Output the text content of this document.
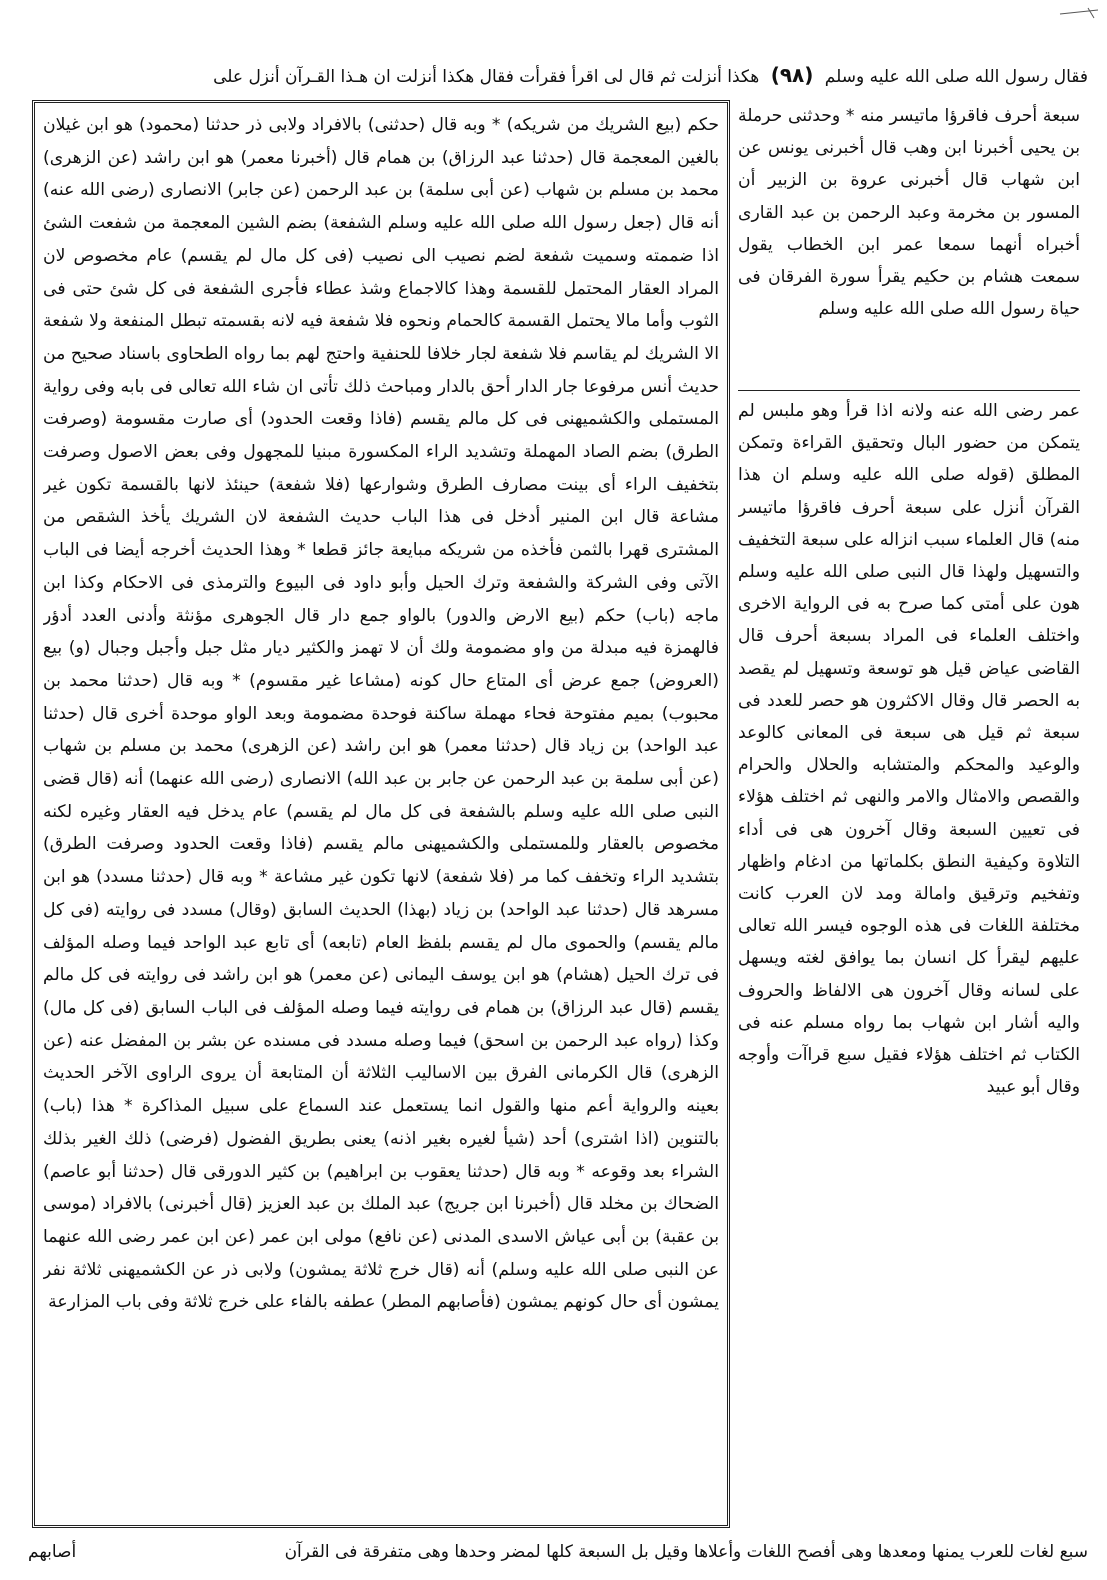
فقال رسول الله صلى الله عليه وسلم (٩٨) هكذا أنزلت ثم قال لى اقرأ فقرأت فقال هكذا أنزلت ان هـذا القـرآن أنزل على
حكم (بيع الشريك من شريكه) * وبه قال (حدثنى) بالافراد ولابى ذر حدثنا (محمود) هو ابن غيلان بالغين المعجمة قال (حدثنا عبد الرزاق) بن همام قال (أخبرنا معمر) هو ابن راشد (عن الزهرى) محمد بن مسلم بن شهاب (عن أبى سلمة) بن عبد الرحمن (عن جابر) الانصارى (رضى الله عنه) أنه قال (جعل رسول الله صلى الله عليه وسلم الشفعة) بضم الشين المعجمة من شفعت الشئ اذا ضممته وسميت شفعة لضم نصيب الى نصيب (فى كل مال لم يقسم) عام مخصوص لان المراد العقار المحتمل للقسمة وهذا كالاجماع وشذ عطاء فأجرى الشفعة فى كل شئ حتى فى الثوب وأما مالا يحتمل القسمة كالحمام ونحوه فلا شفعة فيه لانه بقسمته تبطل المنفعة ولا شفعة الا الشريك لم يقاسم فلا شفعة لجار خلافا للحنفية واحتج لهم بما رواه الطحاوى باسناد صحيح من حديث أنس مرفوعا جار الدار أحق بالدار ومباحث ذلك تأتى ان شاء الله تعالى فى بابه وفى رواية المستملى والكشميهنى فى كل مالم يقسم (فاذا وقعت الحدود) أى صارت مقسومة (وصرفت الطرق) بضم الصاد المهملة وتشديد الراء المكسورة مبنيا للمجهول وفى بعض الاصول وصرفت بتخفيف الراء أى بينت مصارف الطرق وشوارعها (فلا شفعة) حينئذ لانها بالقسمة تكون غير مشاعة قال ابن المنير أدخل فى هذا الباب حديث الشفعة لان الشريك يأخذ الشقص من المشترى قهرا بالثمن فأخذه من شريكه مبايعة جائز قطعا * وهذا الحديث أخرجه أيضا فى الباب الآتى وفى الشركة والشفعة وترك الحيل وأبو داود فى البيوع والترمذى فى الاحكام وكذا ابن ماجه (باب) حكم (بيع الارض والدور) بالواو جمع دار قال الجوهرى مؤنثة وأدنى العدد أدؤر فالهمزة فيه مبدلة من واو مضمومة ولك أن لا تهمز والكثير ديار مثل جبل وأجبل وجبال (و) بيع (العروض) جمع عرض أى المتاع حال كونه (مشاعا غير مقسوم) * وبه قال (حدثنا محمد بن محبوب) بميم مفتوحة فحاء مهملة ساكنة فوحدة مضمومة وبعد الواو موحدة أخرى قال (حدثنا عبد الواحد) بن زياد قال (حدثنا معمر) هو ابن راشد (عن الزهرى) محمد بن مسلم بن شهاب (عن أبى سلمة بن عبد الرحمن عن جابر بن عبد الله) الانصارى (رضى الله عنهما) أنه (قال قضى النبى صلى الله عليه وسلم بالشفعة فى كل مال لم يقسم) عام يدخل فيه العقار وغيره لكنه مخصوص بالعقار وللمستملى والكشميهنى مالم يقسم (فاذا وقعت الحدود وصرفت الطرق) بتشديد الراء وتخفف كما مر (فلا شفعة) لانها تكون غير مشاعة * وبه قال (حدثنا مسدد) هو ابن مسرهد قال (حدثنا عبد الواحد) بن زياد (بهذا) الحديث السابق (وقال) مسدد فى روايته (فى كل مالم يقسم) والحموى مال لم يقسم بلفظ العام (تابعه) أى تابع عبد الواحد فيما وصله المؤلف فى ترك الحيل (هشام) هو ابن يوسف اليمانى (عن معمر) هو ابن راشد فى روايته فى كل مالم يقسم (قال عبد الرزاق) بن همام فى روايته فيما وصله المؤلف فى الباب السابق (فى كل مال) وكذا (رواه عبد الرحمن بن اسحق) فيما وصله مسدد فى مسنده عن بشر بن المفضل عنه (عن الزهرى) قال الكرمانى الفرق بين الاساليب الثلاثة أن المتابعة أن يروى الراوى الآخر الحديث بعينه والرواية أعم منها والقول انما يستعمل عند السماع على سبيل المذاكرة * هذا (باب) بالتنوين (اذا اشترى) أحد (شيأ لغيره بغير اذنه) يعنى بطريق الفضول (فرضى) ذلك الغير بذلك الشراء بعد وقوعه * وبه قال (حدثنا يعقوب بن ابراهيم) بن كثير الدورقى قال (حدثنا أبو عاصم) الضحاك بن مخلد قال (أخبرنا ابن جريج) عبد الملك بن عبد العزيز (قال أخبرنى) بالافراد (موسى بن عقبة) بن أبى عياش الاسدى المدنى (عن نافع) مولى ابن عمر (عن ابن عمر رضى الله عنهما عن النبى صلى الله عليه وسلم) أنه (قال خرج ثلاثة يمشون) ولابى ذر عن الكشميهنى ثلاثة نفر يمشون أى حال كونهم يمشون (فأصابهم المطر) عطفه بالفاء على خرج ثلاثة وفى باب المزارعة
سبعة أحرف فاقرؤا ماتيسر منه * وحدثنى حرملة بن يحيى أخبرنا ابن وهب قال أخبرنى يونس عن ابن شهاب قال أخبرنى عروة بن الزبير أن المسور بن مخرمة وعبد الرحمن بن عبد القارى أخبراه أنهما سمعا عمر ابن الخطاب يقول سمعت هشام بن حكيم يقرأ سورة الفرقان فى حياة رسول الله صلى الله عليه وسلم
عمر رضى الله عنه ولانه اذا قرأ وهو ملبس لم يتمكن من حضور البال وتحقيق القراءة وتمكن المطلق (قوله صلى الله عليه وسلم ان هذا القرآن أنزل على سبعة أحرف فاقرؤا ماتيسر منه) قال العلماء سبب انزاله على سبعة التخفيف والتسهيل ولهذا قال النبى صلى الله عليه وسلم هون على أمتى كما صرح به فى الرواية الاخرى واختلف العلماء فى المراد بسبعة أحرف قال القاضى عياض قيل هو توسعة وتسهيل لم يقصد به الحصر قال وقال الاكثرون هو حصر للعدد فى سبعة ثم قيل هى سبعة فى المعانى كالوعد والوعيد والمحكم والمتشابه والحلال والحرام والقصص والامثال والامر والنهى ثم اختلف هؤلاء فى تعيين السبعة وقال آخرون هى فى أداء التلاوة وكيفية النطق بكلماتها من ادغام واظهار وتفخيم وترقيق وامالة ومد لان العرب كانت مختلفة اللغات فى هذه الوجوه فيسر الله تعالى عليهم ليقرأ كل انسان بما يوافق لغته ويسهل على لسانه وقال آخرون هى الالفاظ والحروف واليه أشار ابن شهاب بما رواه مسلم عنه فى الكتاب ثم اختلف هؤلاء فقيل سبع قراآت وأوجه وقال أبو عبيد
سبع لغات للعرب يمنها ومعدها وهى أفصح اللغات وأعلاها وقيل بل السبعة كلها لمضر وحدها وهى متفرقة فى القرآن
أصابهم
